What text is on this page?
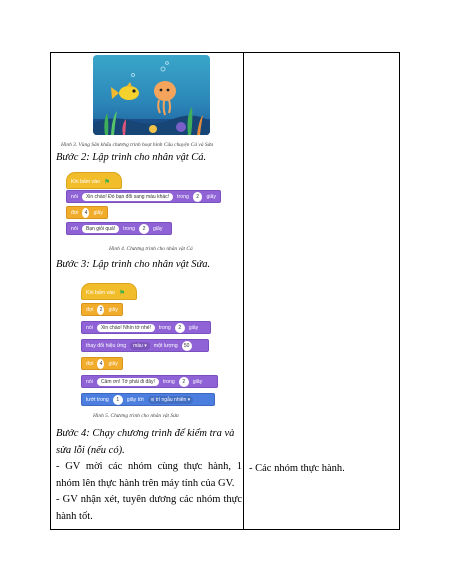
Hình 3. Vùng Sân khấu chương trình hoạt hình Câu chuyện Cá và Sứa
Bước 2: Lập trình cho nhân vật Cá.
Khi bấm vào ⚑
nói	Xin chào! Đó bạn đổi sang màu khác!	trong	2	giây
đợi	4	giây
nói	Bạn giỏi quá!	trong	2	giây
Hình 4. Chương trình cho nhân vật Cá
Bước 3: Lập trình cho nhân vật Sứa.
Khi bấm vào ⚑
đợi	2	giây
nói	Xin chào! Nhìn tớ nhé!	trong	2	giây
thay đổi hiệu ứng	màu ▾	một lượng	50
đợi	4	giây
nói	Cảm ơn! Tớ phải đi đây!	trong	2	giây
lướt trong	1	giây tới	vị trí ngẫu nhiên ▾
Hình 5. Chương trình cho nhân vật Sứa

Bước 4: Chạy chương trình để kiểm tra và

sửa lỗi (nếu có).

- GV mời các nhóm cùng thực hành, 1 nhóm lên thực hành trên máy tính của GV.

- GV nhận xét, tuyên dương các nhóm thực hành tốt.

- Các nhóm thực hành.
